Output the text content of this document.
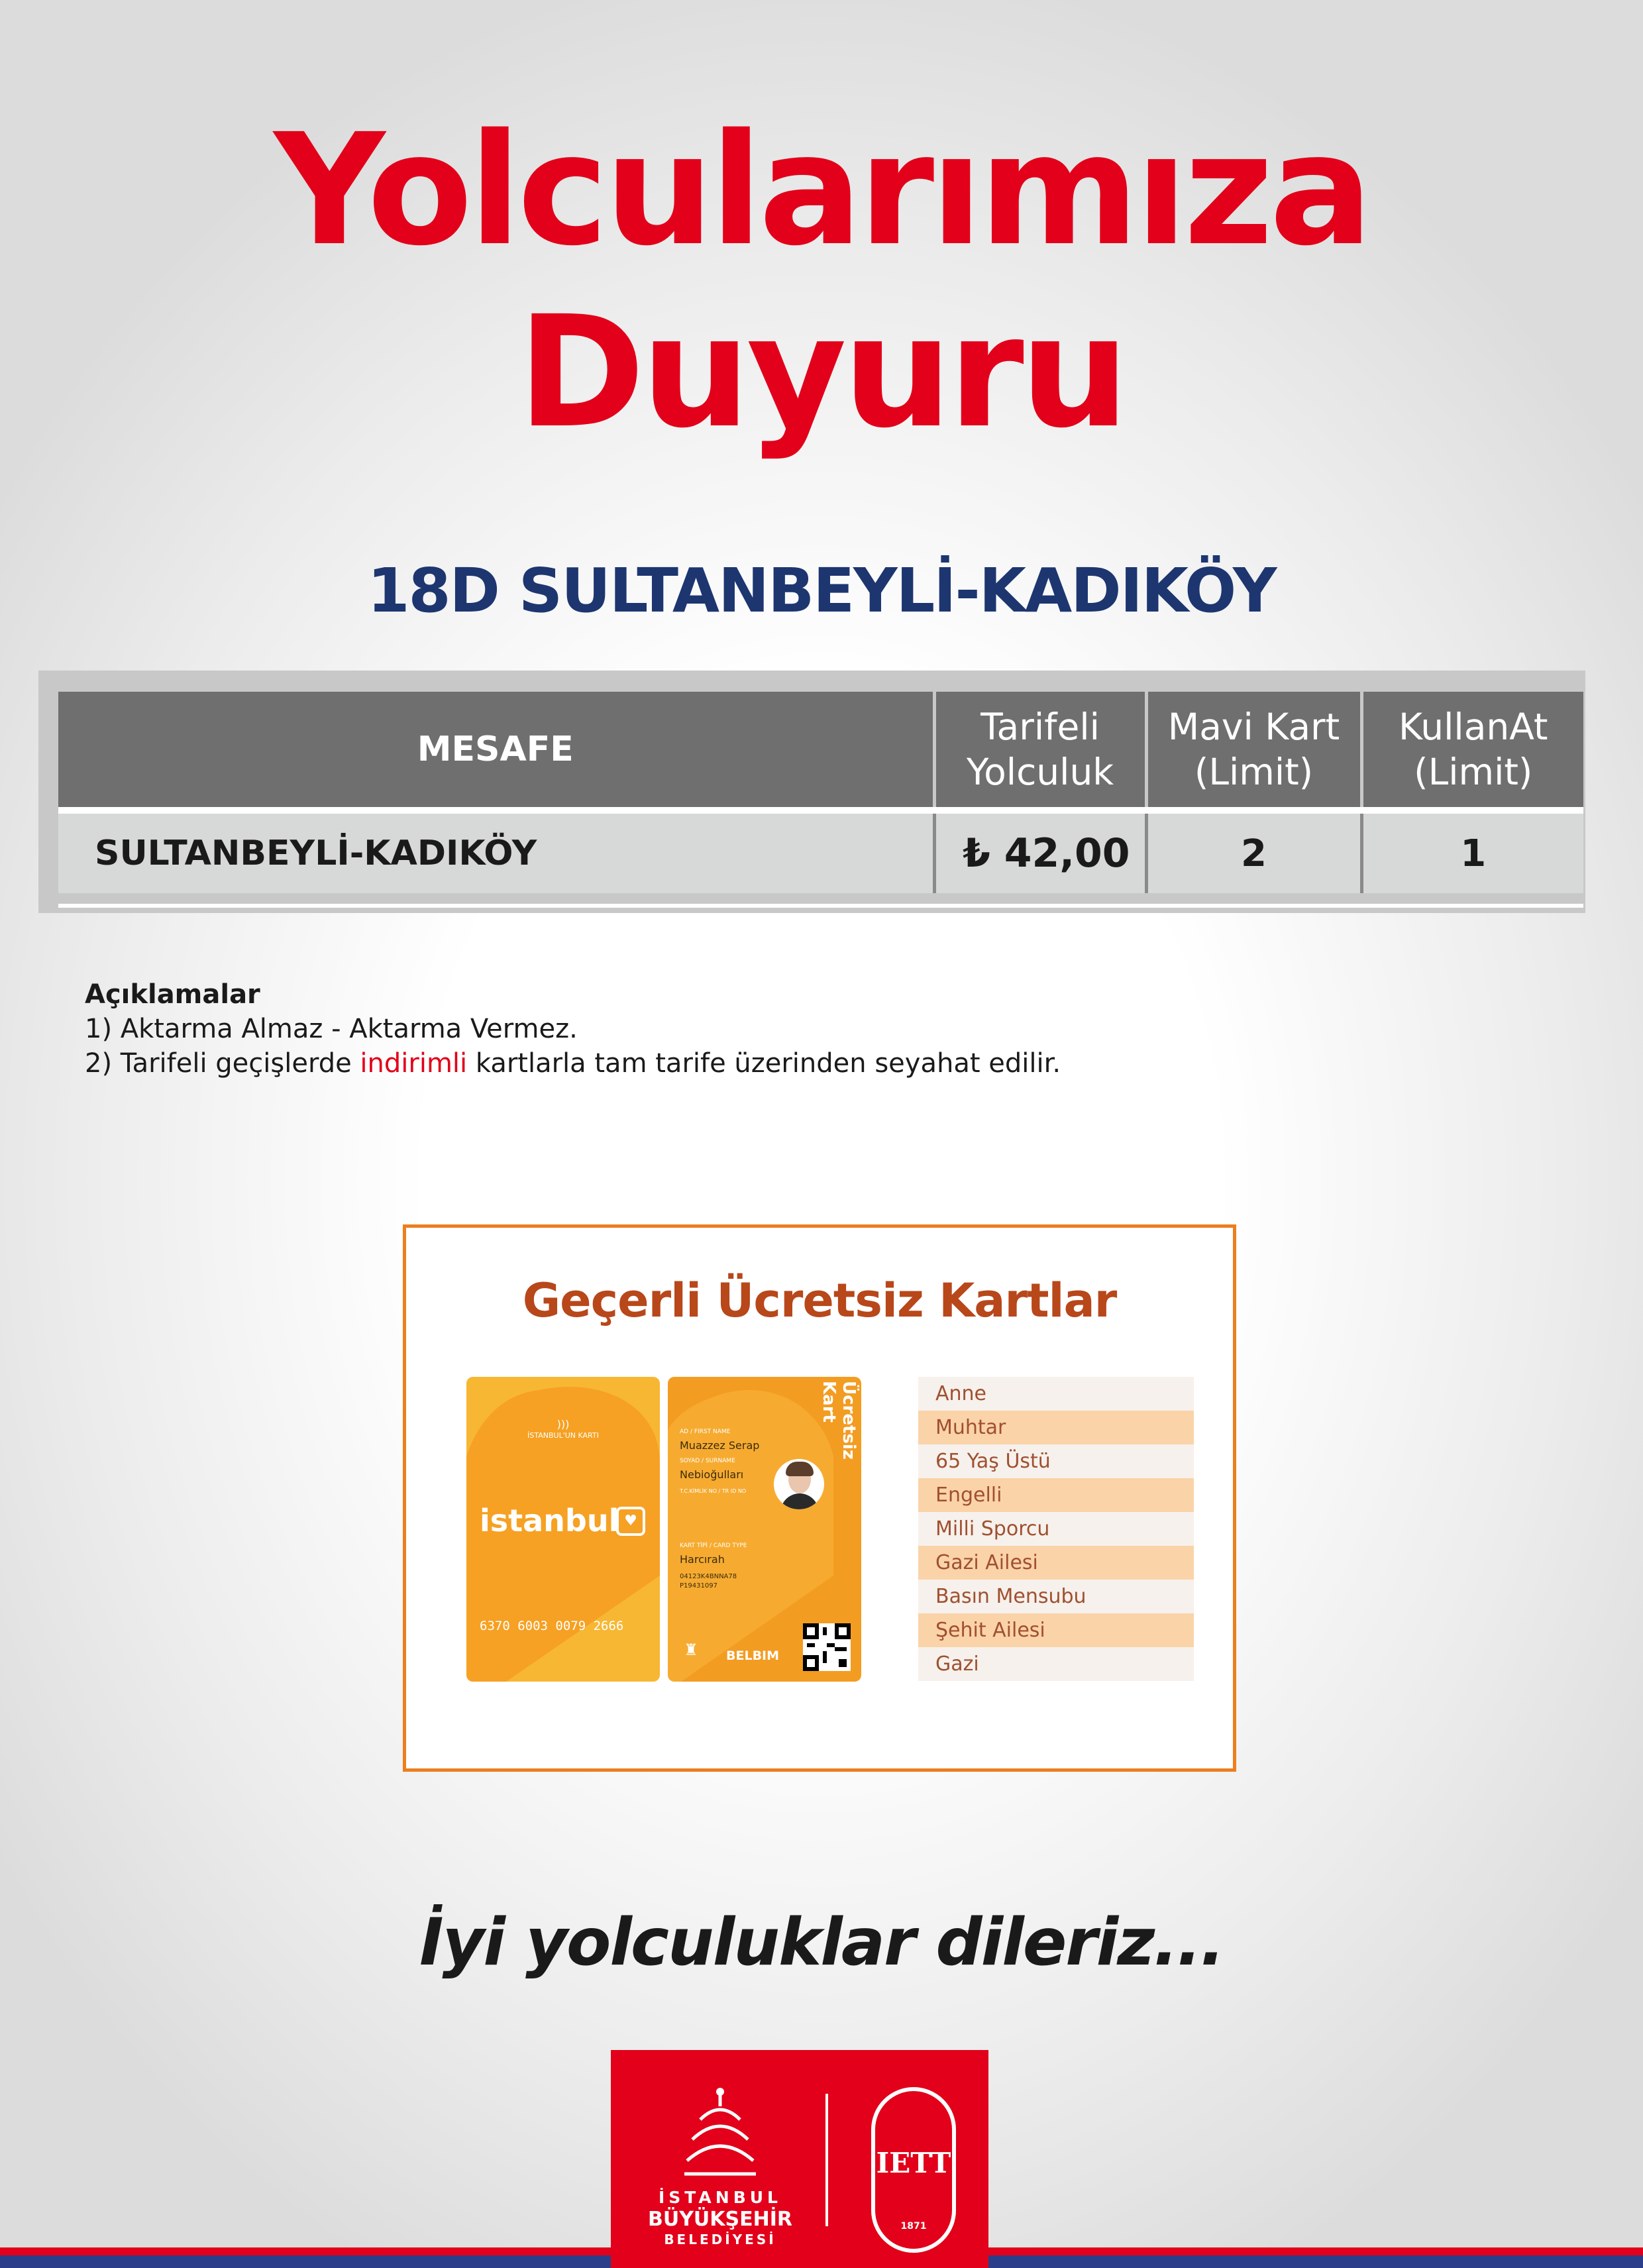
Yolcularımıza
Duyuru
18D SULTANBEYLİ-KADIKÖY
MESAFE	Tarifeli Yolculuk	Mavi Kart (Limit)	KullanAt (Limit)
SULTANBEYLİ-KADIKÖY	₺ 42,00	2	1
Açıklamalar
1) Aktarma Almaz - Aktarma Vermez.
2) Tarifeli geçişlerde indirimli kartlarla tam tarife üzerinden seyahat edilir.
Geçerli Ücretsiz Kartlar
)))
İSTANBUL'UN KARTI
istanbul ♥
6370 6003 0079 2666
Ücretsiz Kart
AD / FIRST NAME
Muazzez Serap
SOYAD / SURNAME
Nebioğulları
T.C.KİMLİK NO / TR ID NO
KART TİPİ / CARD TYPE
Harcırah
04123K4BNNA78
P19431097
♜ BELBIM
Anne
Muhtar
65 Yaş Üstü
Engelli
Milli Sporcu
Gazi Ailesi
Basın Mensubu
Şehit Ailesi
Gazi
İyi yolculuklar dileriz...
İSTANBUL
BÜYÜKŞEHİR
BELEDİYESİ
IETT
1871
